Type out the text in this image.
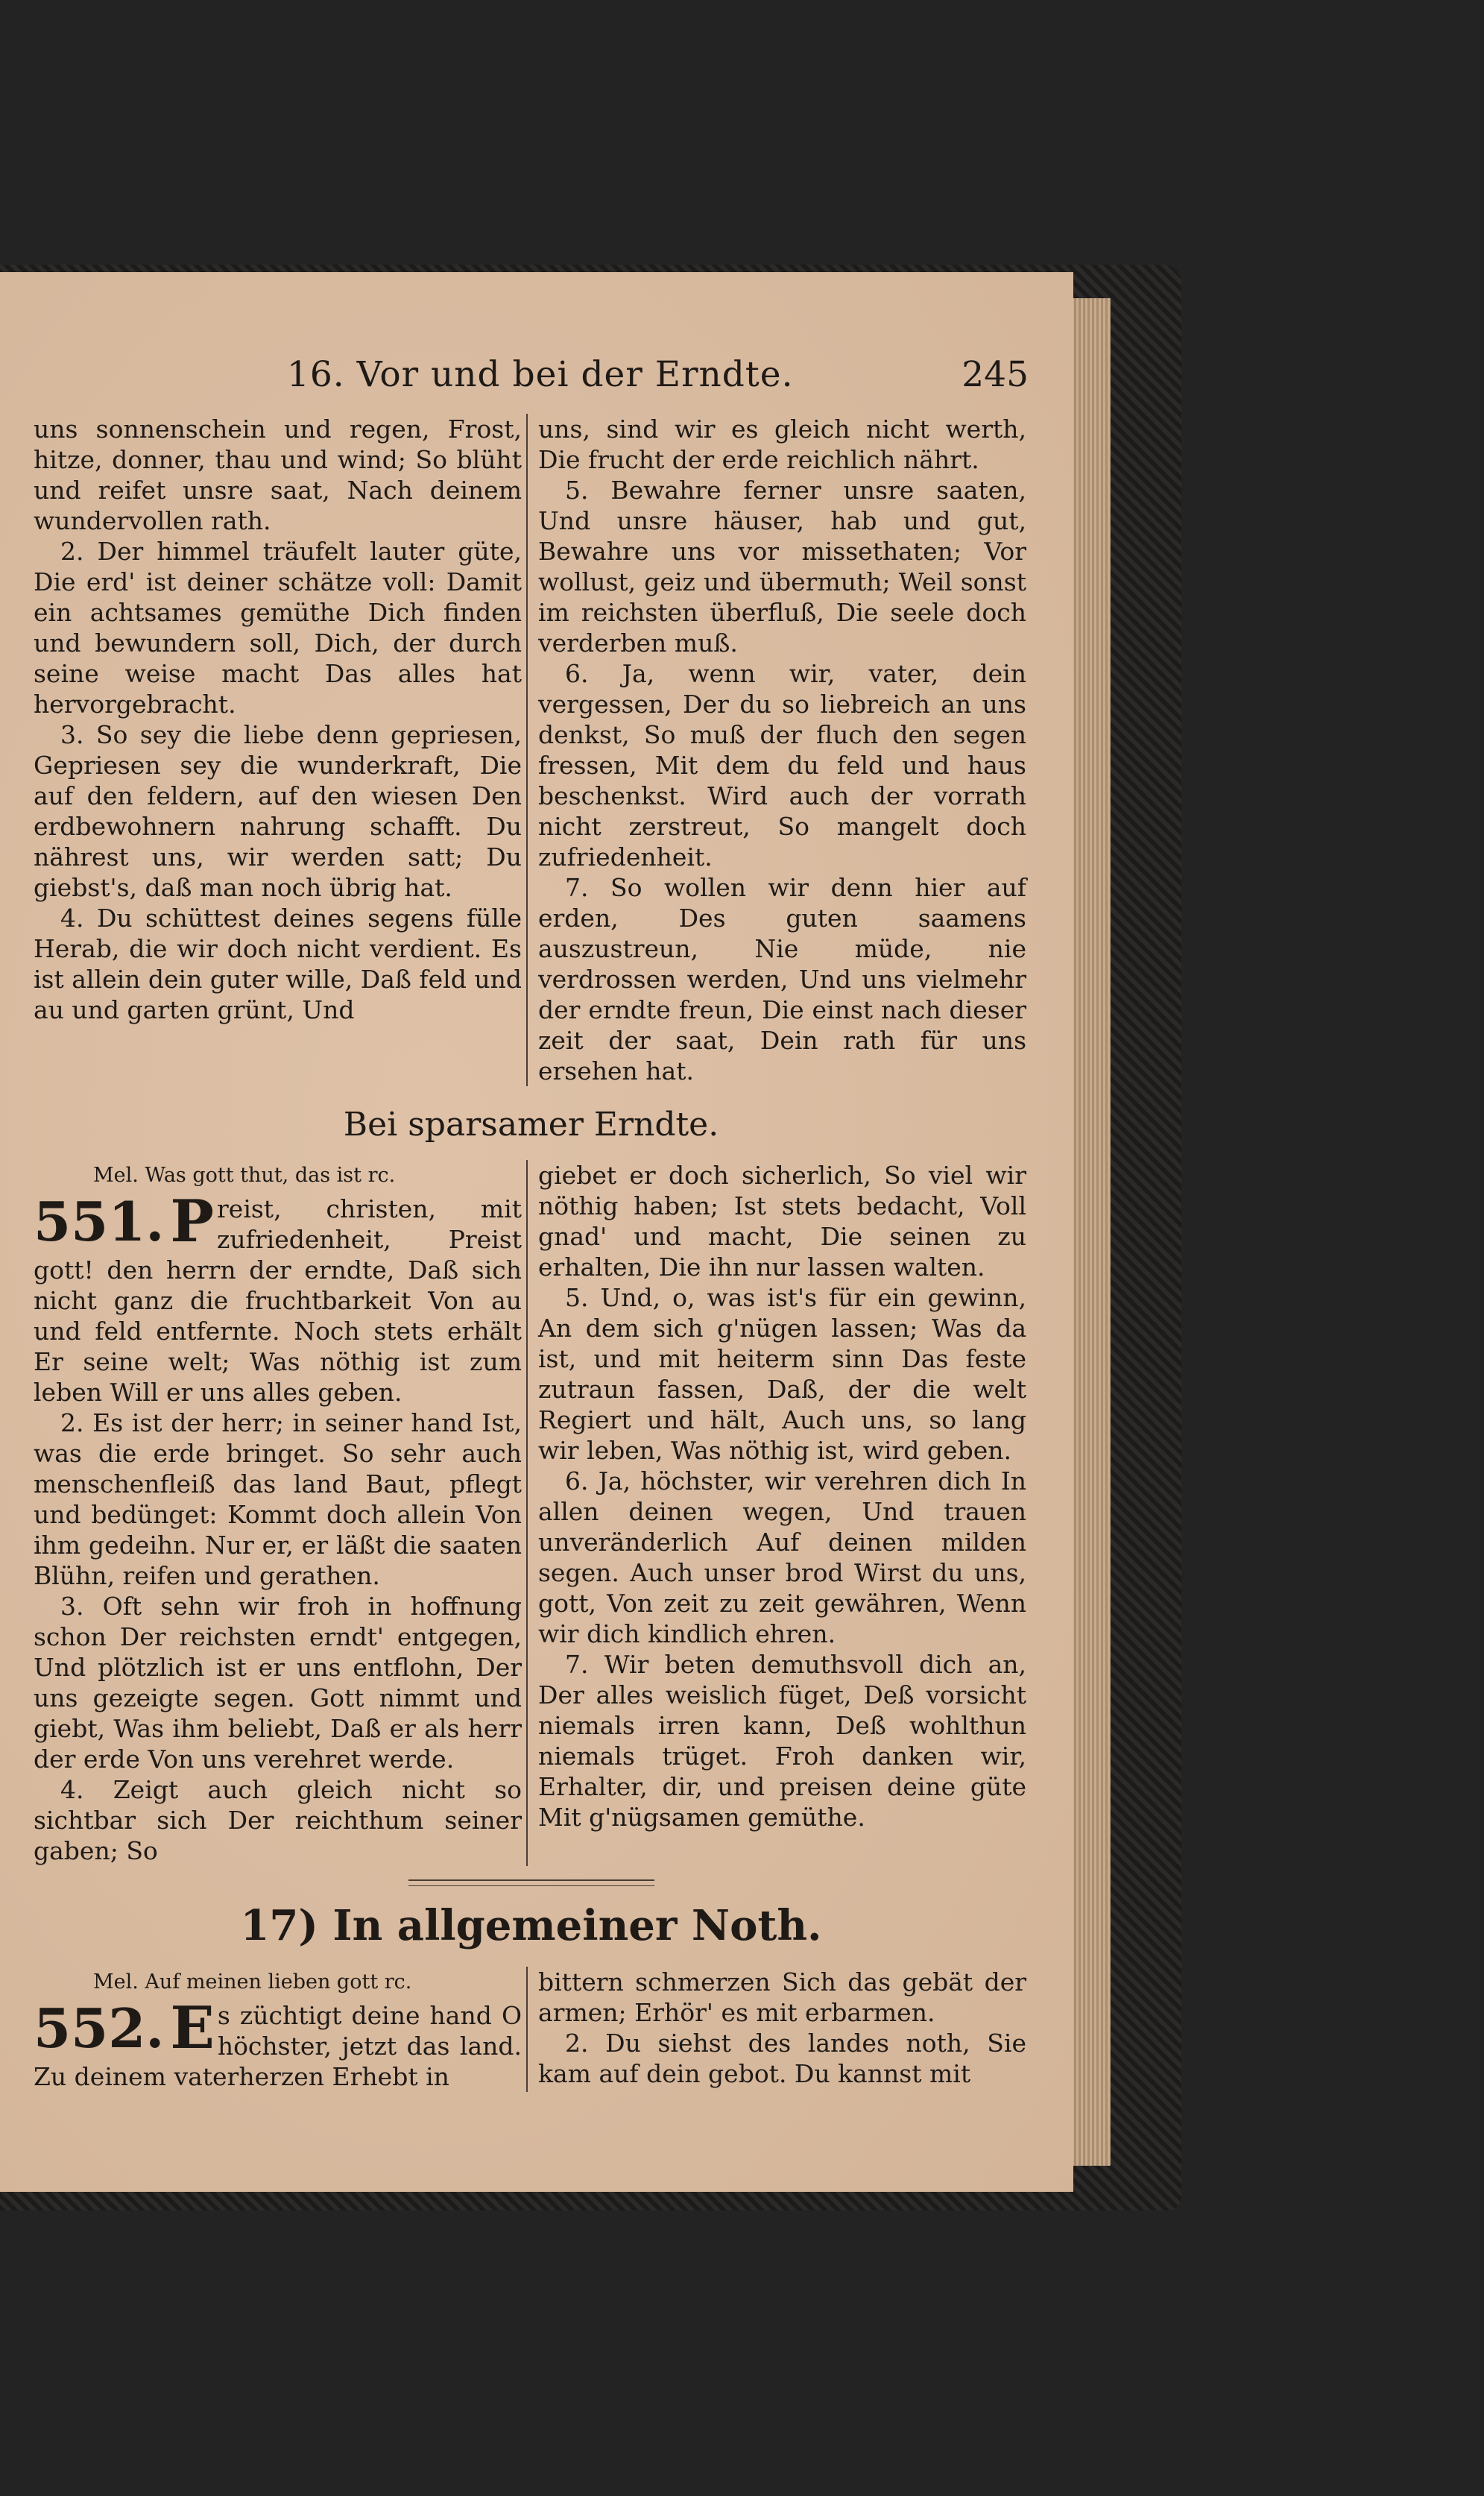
16. Vor und bei der Erndte.	245

uns sonnenschein und regen, Frost, hitze, donner, thau und wind; So blüht und reifet unsre saat, Nach deinem wundervollen rath.

2. Der himmel träufelt lauter güte, Die erd' ist deiner schätze voll: Damit ein achtsames gemüthe Dich finden und bewundern soll, Dich, der durch seine weise macht Das alles hat hervorgebracht.

3. So sey die liebe denn gepriesen, Gepriesen sey die wunderkraft, Die auf den feldern, auf den wiesen Den erdbewohnern nahrung schafft. Du nährest uns, wir werden satt; Du giebst's, daß man noch übrig hat.

4. Du schüttest deines segens fülle Herab, die wir doch nicht verdient. Es ist allein dein guter wille, Daß feld und au und garten grünt, Und

uns, sind wir es gleich nicht werth, Die frucht der erde reichlich nährt.

5. Bewahre ferner unsre saaten, Und unsre häuser, hab und gut, Bewahre uns vor missethaten; Vor wollust, geiz und übermuth; Weil sonst im reichsten überfluß, Die seele doch verderben muß.

6. Ja, wenn wir, vater, dein vergessen, Der du so liebreich an uns denkst, So muß der fluch den segen fressen, Mit dem du feld und haus beschenkst. Wird auch der vorrath nicht zerstreut, So mangelt doch zufriedenheit.

7. So wollen wir denn hier auf erden, Des guten saamens auszustreun, Nie müde, nie verdrossen werden, Und uns vielmehr der erndte freun, Die einst nach dieser zeit der saat, Dein rath für uns ersehen hat.

Bei sparsamer Erndte.
Mel. Was gott thut, das ist rc.
551. P reist, christen, mit zufriedenheit, Preist gott! den herrn der erndte, Daß sich nicht ganz die fruchtbarkeit Von au und feld entfernte. Noch stets erhält Er seine welt; Was nöthig ist zum leben Will er uns alles geben.

2. Es ist der herr; in seiner hand Ist, was die erde bringet. So sehr auch menschenfleiß das land Baut, pflegt und bedünget: Kommt doch allein Von ihm gedeihn. Nur er, er läßt die saaten Blühn, reifen und gerathen.

3. Oft sehn wir froh in hoffnung schon Der reichsten erndt' entgegen, Und plötzlich ist er uns entflohn, Der uns gezeigte segen. Gott nimmt und giebt, Was ihm beliebt, Daß er als herr der erde Von uns verehret werde.

4. Zeigt auch gleich nicht so sichtbar sich Der reichthum seiner gaben; So

giebet er doch sicherlich, So viel wir nöthig haben; Ist stets bedacht, Voll gnad' und macht, Die seinen zu erhalten, Die ihn nur lassen walten.

5. Und, o, was ist's für ein gewinn, An dem sich g'nügen lassen; Was da ist, und mit heiterm sinn Das feste zutraun fassen, Daß, der die welt Regiert und hält, Auch uns, so lang wir leben, Was nöthig ist, wird geben.

6. Ja, höchster, wir verehren dich In allen deinen wegen, Und trauen unveränderlich Auf deinen milden segen. Auch unser brod Wirst du uns, gott, Von zeit zu zeit gewähren, Wenn wir dich kindlich ehren.

7. Wir beten demuthsvoll dich an, Der alles weislich füget, Deß vorsicht niemals irren kann, Deß wohlthun niemals trüget. Froh danken wir, Erhalter, dir, und preisen deine güte Mit g'nügsamen gemüthe.

17) In allgemeiner Noth.
Mel. Auf meinen lieben gott rc.
552. E s züchtigt deine hand O höchster, jetzt das land. Zu deinem vaterherzen Erhebt in

bittern schmerzen Sich das gebät der armen; Erhör' es mit erbarmen.

2. Du siehst des landes noth, Sie kam auf dein gebot. Du kannst mit
